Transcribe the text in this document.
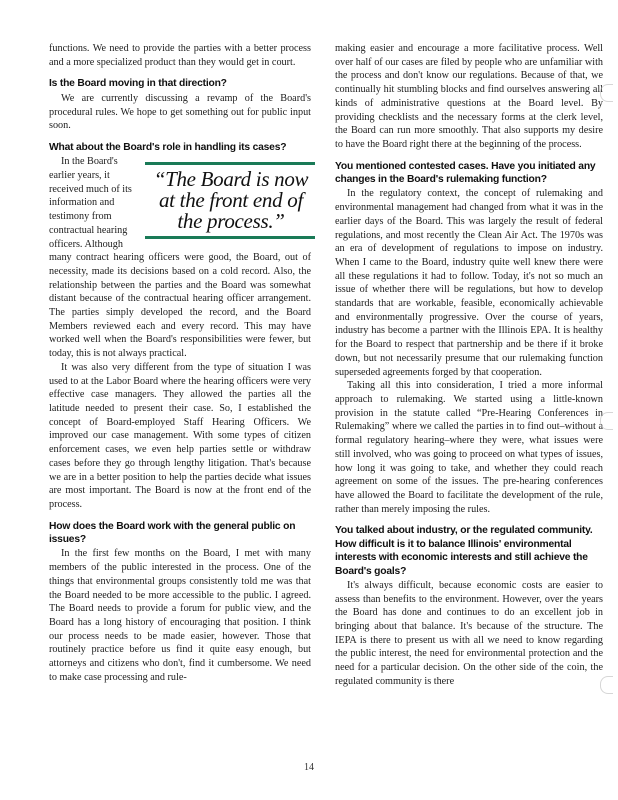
functions. We need to provide the parties with a better process and a more specialized product than they would get in court.

Is the Board moving in that direction?

We are currently discussing a revamp of the Board's procedural rules. We hope to get something out for public input soon.

What about the Board's role in handling its cases?

In the Board's earlier years, it received much of its information and testimony from contractual hearing officers. Although

“The Board is now at the front end of the process.”

many contract hearing officers were good, the Board, out of necessity, made its decisions based on a cold record. Also, the relationship between the parties and the Board was somewhat distant because of the contractual hearing officer arrangement. The parties simply developed the record, and the Board Members reviewed each and every record. This may have worked well when the Board's responsibilities were fewer, but today, this is not always practical.

It was also very different from the type of situation I was used to at the Labor Board where the hearing officers were very effective case managers. They allowed the parties all the latitude needed to present their case. So, I established the concept of Board-employed Staff Hearing Officers. We improved our case management. With some types of citizen enforcement cases, we even help parties settle or withdraw cases before they go through lengthy litigation. That's because we are in a better position to help the parties decide what issues are most important. The Board is now at the front end of the process.

How does the Board work with the general public on issues?

In the first few months on the Board, I met with many members of the public interested in the process. One of the things that environmental groups consistently told me was that the Board needed to be more accessible to the public. I agreed. The Board needs to provide a forum for public view, and the Board has a long history of encouraging that position. I think our process needs to be made easier, however. Those that routinely practice before us find it quite easy enough, but attorneys and citizens who don't, find it cumbersome. We need to make case processing and rule-

making easier and encourage a more facilitative process. Well over half of our cases are filed by people who are unfamiliar with the process and don't know our regulations. Because of that, we continually hit stumbling blocks and find ourselves answering all kinds of administrative questions at the Board level. By providing checklists and the necessary forms at the clerk level, the Board can run more smoothly. That also supports my desire to have the Board right there at the beginning of the process.

You mentioned contested cases. Have you initiated any changes in the Board's rulemaking function?

In the regulatory context, the concept of rulemaking and environmental management had changed from what it was in the earlier days of the Board. This was largely the result of federal regulations, and most recently the Clean Air Act. The 1970s was an era of development of regulations to impose on industry. When I came to the Board, industry quite well knew there were all these regulations it had to follow. Today, it's not so much an issue of whether there will be regulations, but how to develop standards that are workable, feasible, economically achievable and environmentally progressive. Over the course of years, industry has become a partner with the Illinois EPA. It is healthy for the Board to respect that partnership and be there if it broke down, but not necessarily presume that our rulemaking function superseded agreements forged by that cooperation.

Taking all this into consideration, I tried a more informal approach to rulemaking. We started using a little-known provision in the statute called “Pre-Hearing Conferences in Rulemaking” where we called the parties in to find out–without a formal regulatory hearing–where they were, what issues were still involved, who was going to proceed on what types of issues, how long it was going to take, and whether they could reach agreement on some of the issues. The pre-hearing conferences have allowed the Board to facilitate the development of the rule, rather than merely imposing the rules.

You talked about industry, or the regulated community. How difficult is it to balance Illinois' environmental interests with economic interests and still achieve the Board's goals?

It's always difficult, because economic costs are easier to assess than benefits to the environment. However, over the years the Board has done and continues to do an excellent job in bringing about that balance. It's because of the structure. The IEPA is there to present us with all we need to know regarding the public interest, the need for environmental protection and the need for a particular decision. On the other side of the coin, the regulated community is there

14
